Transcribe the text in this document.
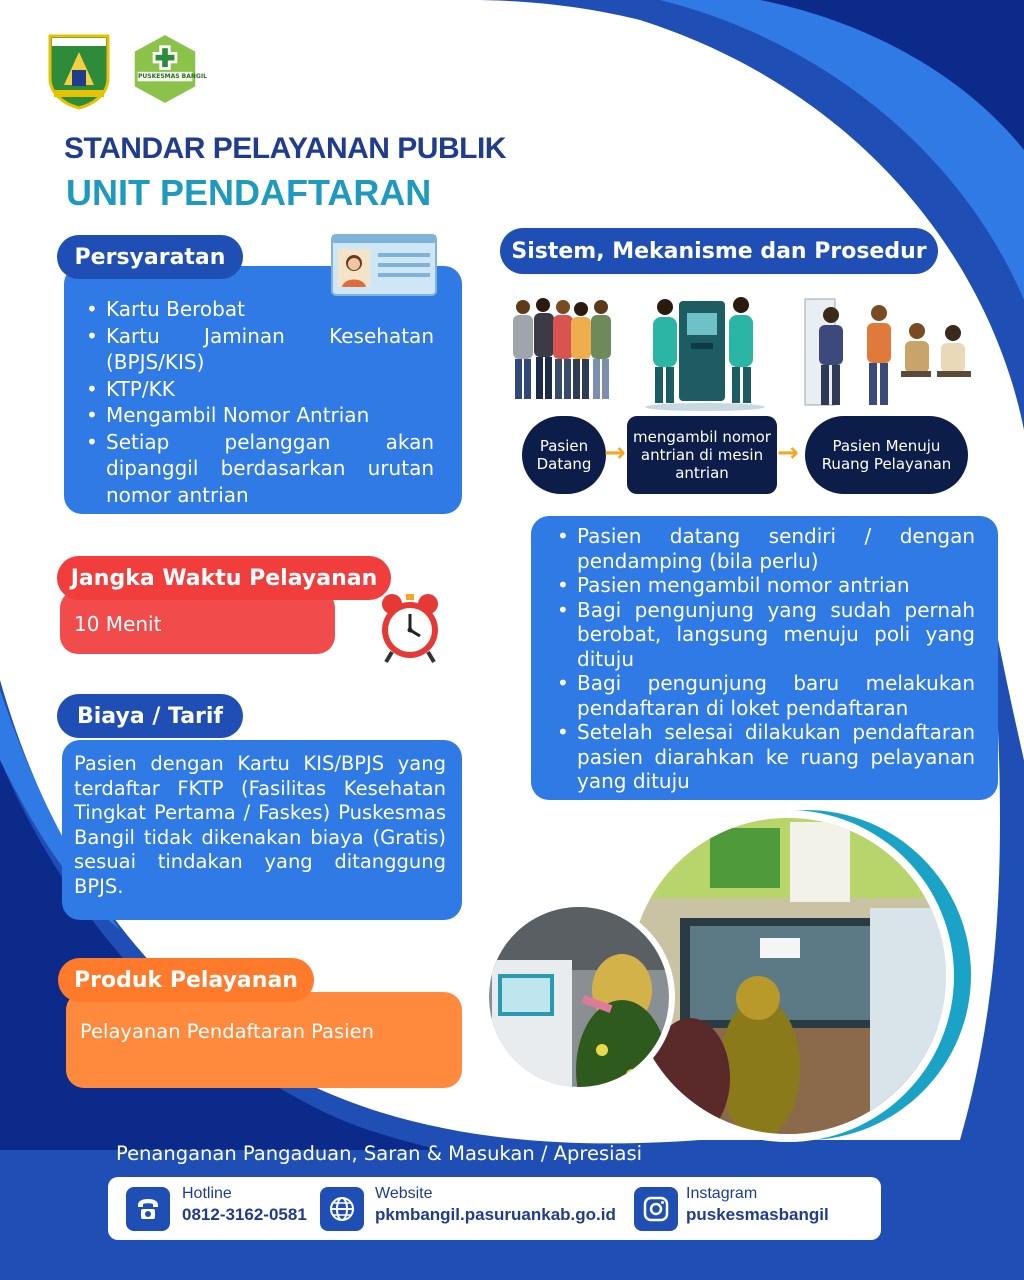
PUSKESMAS BANGIL
STANDAR PELAYANAN PUBLIK
UNIT PENDAFTARAN
• Kartu Berobat
• Kartu Jaminan Kesehatan (BPJS/KIS)
• KTP/KK
• Mengambil Nomor Antrian
• Setiap pelanggan akan dipanggil berdasarkan urutan nomor antrian
Persyaratan
10 Menit
Jangka Waktu Pelayanan
Pasien dengan Kartu KIS/BPJS yang terdaftar FKTP (Fasilitas Kesehatan Tingkat Pertama / Faskes) Puskesmas Bangil tidak dikenakan biaya (Gratis) sesuai tindakan yang ditanggung BPJS.
Biaya / Tarif
Pelayanan Pendaftaran Pasien
Produk Pelayanan
Sistem, Mekanisme dan Prosedur
Pasien Datang →
mengambil nomor antrian di mesin antrian
→	Pasien Menuju Ruang Pelayanan
• Pasien datang sendiri / dengan pendamping (bila perlu)
• Pasien mengambil nomor antrian
• Bagi pengunjung yang sudah pernah berobat, langsung menuju poli yang dituju
• Bagi pengunjung baru melakukan pendaftaran di loket pendaftaran
• Setelah selesai dilakukan pendaftaran pasien diarahkan ke ruang pelayanan yang dituju
Penanganan Pangaduan, Saran & Masukan / Apresiasi
Hotline
0812-3162-0581
Website
pkmbangil.pasuruankab.go.id
Instagram
puskesmasbangil
